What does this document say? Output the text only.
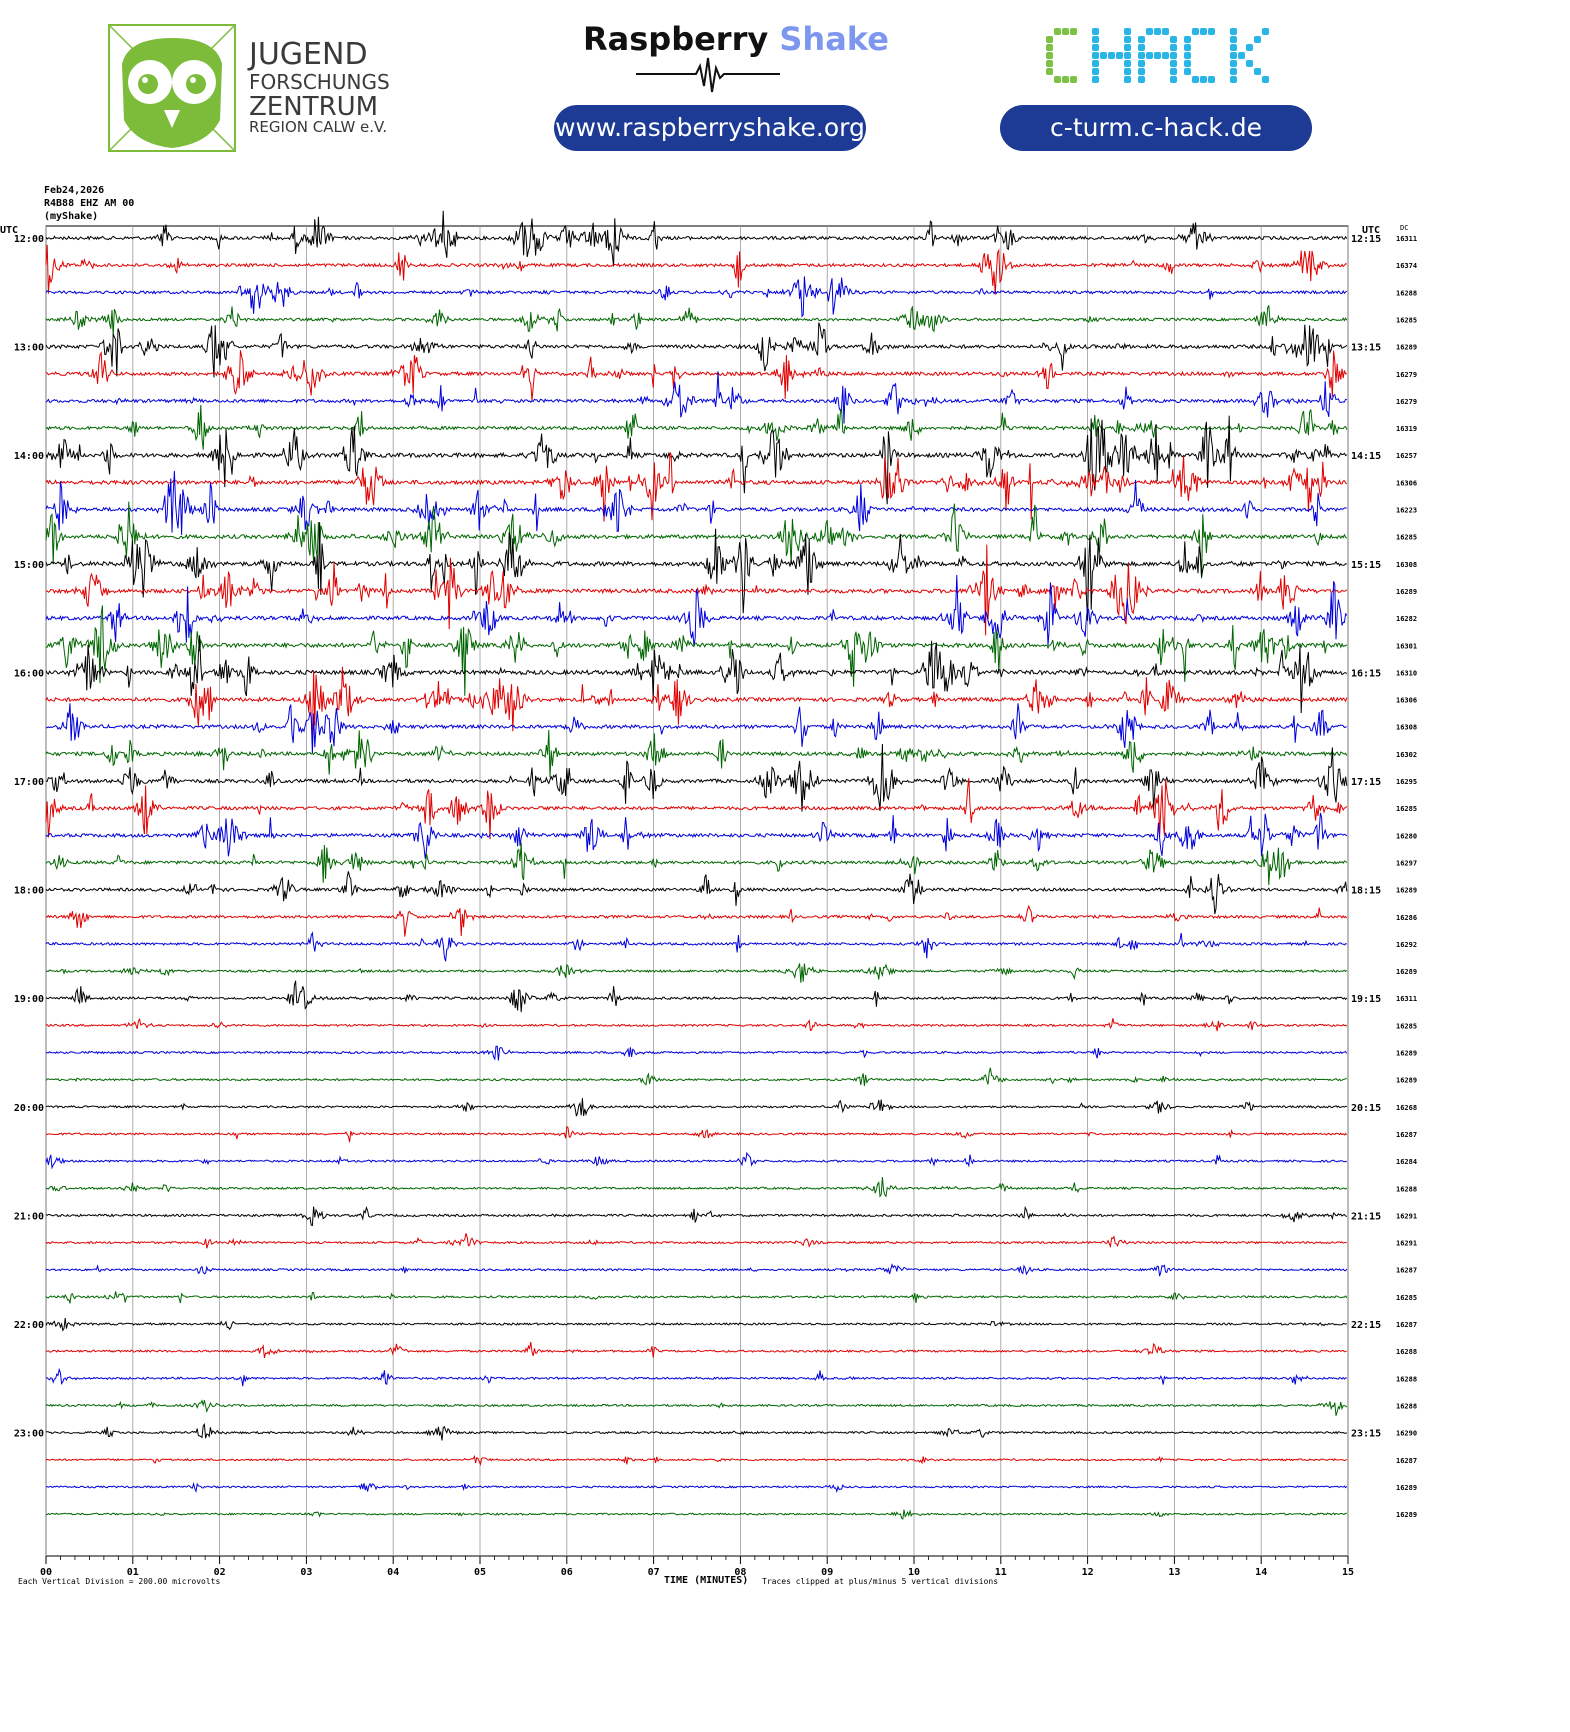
JUGEND
FORSCHUNGS
ZENTRUM
REGION CALW e.V.
Raspberry Shake
www.raspberryshake.org	c-turm.c-hack.de
00	01	02	03	04	05	06	07	08	09	10	11	12	13	14	15
16311
12:00	12:15
16374
16288
16285
16289
13:00	13:15
16279
16279
16319
16257
14:00	14:15
16306
16223
16285
16308
15:00	15:15
16289
16282
16301
16310
16:00	16:15
16306
16308
16302
16295
17:00	17:15
16285
16280
16297
16289
18:00	18:15
16286
16292
16289
16311
19:00	19:15
16285
16289
16289
16268
20:00	20:15
16287
16284
16288
16291
21:00	21:15
16291
16287
16285
16287
22:00	22:15
16288
16288
16288
16290
23:00	23:15
16287
16289
16289
Feb24,2026
R4B88 EHZ AM 00
(myShake)
UTC	UTC	DC
Each Vertical Division = 200.00 microvolts	TIME (MINUTES) Traces clipped at plus/minus 5 vertical divisions
